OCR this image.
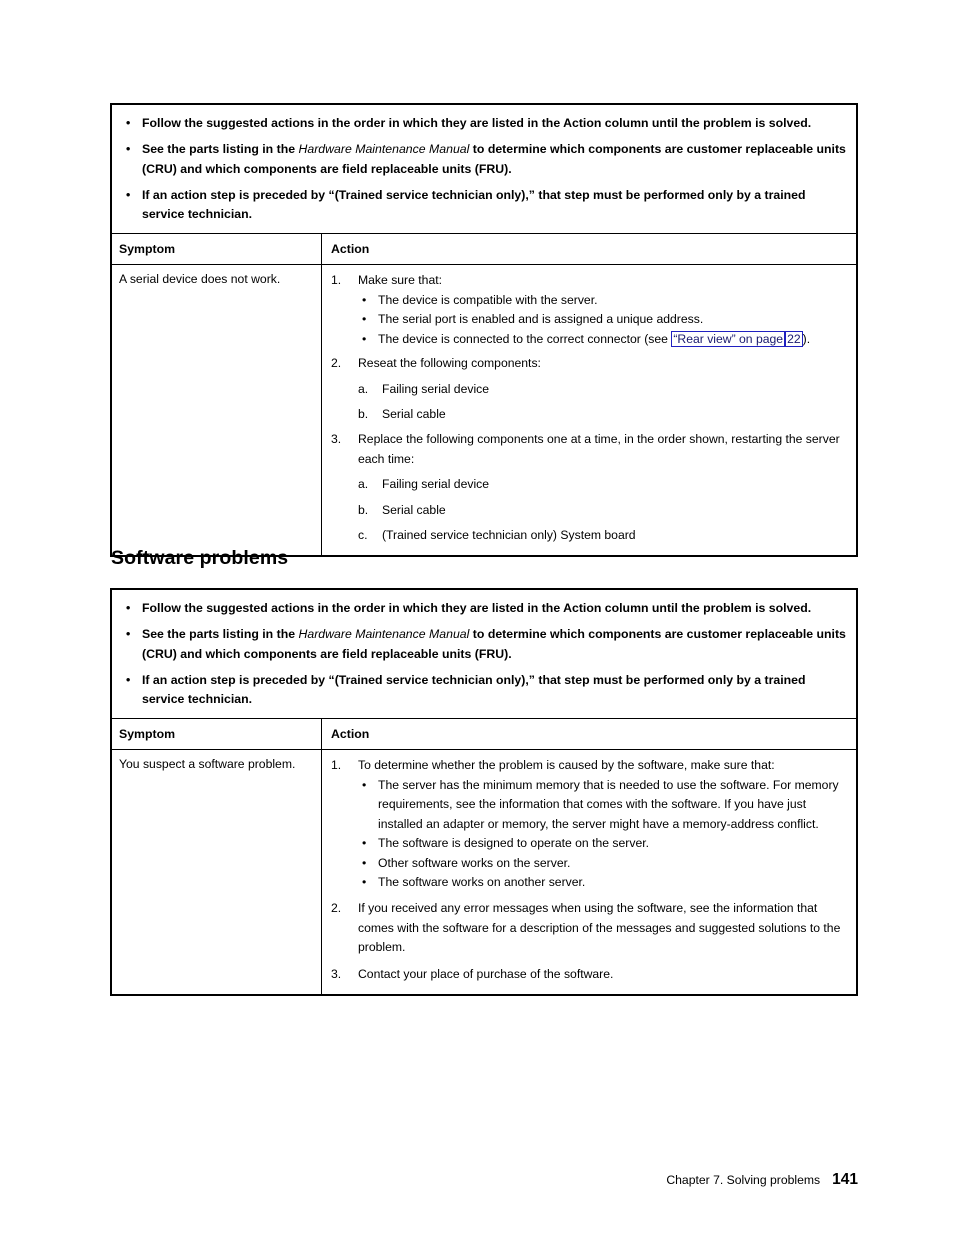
• Follow the suggested actions in the order in which they are listed in the Action column until the problem is solved.
• See the parts listing in the Hardware Maintenance Manual to determine which components are customer replaceable units (CRU) and which components are field replaceable units (FRU).
• If an action step is preceded by “(Trained service technician only),” that step must be performed only by a trained service technician.
Symptom	Action
A serial device does not work.	1.	Make sure that:
• The device is compatible with the server.
• The serial port is enabled and is assigned a unique address.
• The device is connected to the correct connector (see “Rear view” on page 22 ).
2.	Reseat the following components:
a. Failing serial device
b. Serial cable
3.	Replace the following components one at a time, in the order shown, restarting the server each time:
a. Failing serial device
b. Serial cable
c. (Trained service technician only) System board
Software problems
• Follow the suggested actions in the order in which they are listed in the Action column until the problem is solved.
• See the parts listing in the Hardware Maintenance Manual to determine which components are customer replaceable units (CRU) and which components are field replaceable units (FRU).
• If an action step is preceded by “(Trained service technician only),” that step must be performed only by a trained service technician.
Symptom	Action
You suspect a software problem.	1.	To determine whether the problem is caused by the software, make sure that:
• The server has the minimum memory that is needed to use the software. For memory requirements, see the information that comes with the software. If you have just installed an adapter or memory, the server might have a memory-address conflict.
• The software is designed to operate on the server.
• Other software works on the server.
• The software works on another server.
2.	If you received any error messages when using the software, see the information that comes with the software for a description of the messages and suggested solutions to the problem.
3.	Contact your place of purchase of the software.
Chapter 7. Solving problems 141
